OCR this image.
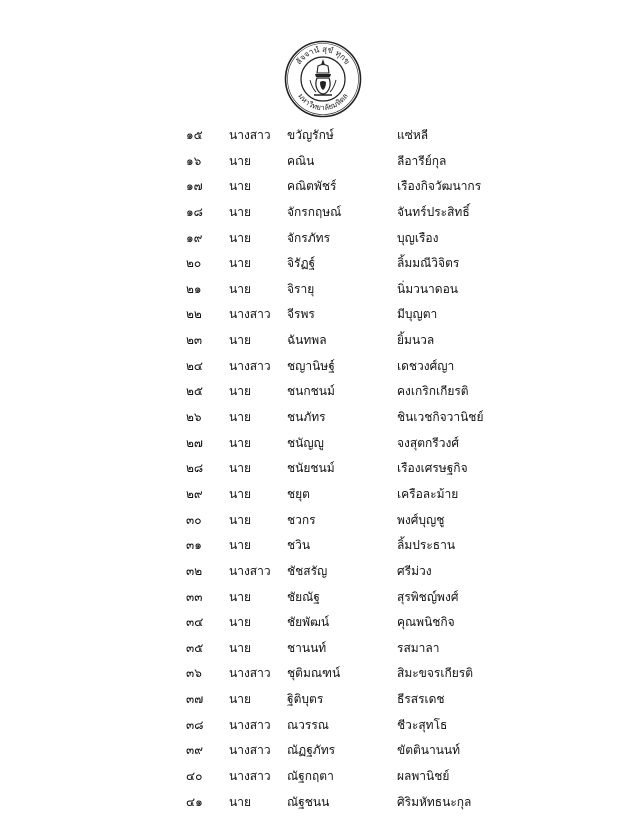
สัจจานํ สุขํ ทุกข
มหาวิทยาลัยมหิดล
๑๕ นางสาว ขวัญรักษ์	แซ่หลี
๑๖ นาย	คณิน	ลีอารีย์กุล
๑๗ นาย	คณิตพัชร์	เรืองกิจวัฒนากร
๑๘ นาย	จักรกฤษณ์	จันทร์ประสิทธิ์
๑๙ นาย	จักรภัทร	บุญเรือง
๒๐ นาย	จิรัฏฐ์	ลิ้มมณีวิจิตร
๒๑ นาย	จิรายุ	นิ่มวนาดอน
๒๒ นางสาว จีรพร	มีบุญตา
๒๓ นาย	ฉันทพล	ยิ้มนวล
๒๔ นางสาว ชญานิษฐ์	เดชวงศ์ญา
๒๕ นาย	ชนกชนม์	คงเกริกเกียรติ
๒๖ นาย	ชนภัทร	ชินเวชกิจวานิชย์
๒๗ นาย	ชนัญญู	จงสุตกรีวงศ์
๒๘ นาย	ชนัยชนม์	เรืองเศรษฐกิจ
๒๙ นาย	ชยุต	เครือละม้าย
๓๐ นาย	ชวกร	พงศ์บุญชู
๓๑ นาย	ชวิน	ลิ้มประธาน
๓๒ นางสาว ชัชสรัญ	ศรีม่วง
๓๓ นาย	ชัยณัฐ	สุรพิชญ์พงศ์
๓๔ นาย	ชัยพัฒน์	คุณพนิชกิจ
๓๕ นาย	ชานนท์	รสมาลา
๓๖ นางสาว ชุติมณฑน์	สิมะขจรเกียรติ
๓๗ นาย	ฐิติบุตร	ธีรสรเดช
๓๘ นางสาว ณวรรณ	ชีวะสุทโธ
๓๙ นางสาว ณัฏฐภัทร	ขัตตินานนท์
๔๐ นางสาว ณัฐกฤตา	ผลพานิชย์
๔๑ นาย	ณัฐชนน	ศิริมหัทธนะกุล
